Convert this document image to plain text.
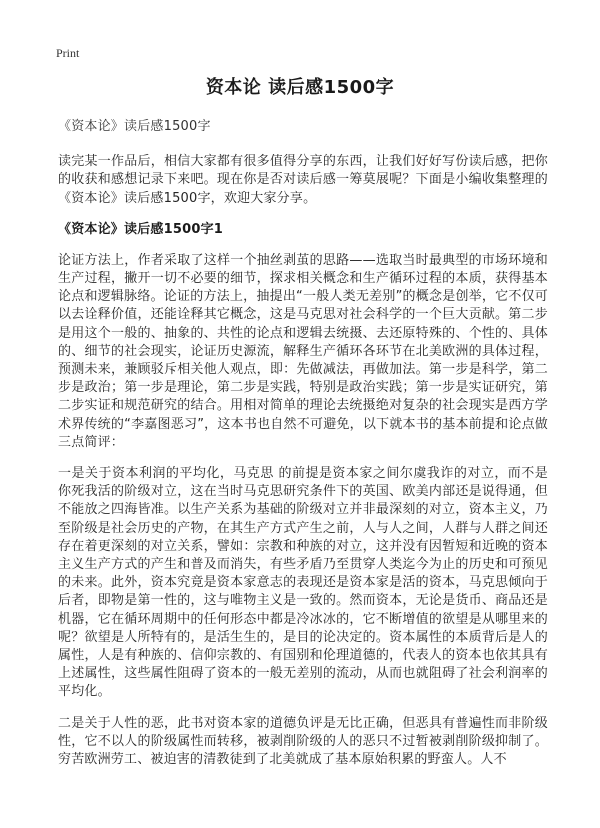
Print
资本论 读后感1500字

《资本论》读后感1500字

读完某一作品后，相信大家都有很多值得分享的东西，让我们好好写份读后感，把你的收获和感想记录下来吧。现在你是否对读后感一筹莫展呢？下面是小编收集整理的《资本论》读后感1500字，欢迎大家分享。

《资本论》读后感1500字1

论证方法上，作者采取了这样一个抽丝剥茧的思路——选取当时最典型的市场环境和生产过程，撇开一切不必要的细节，探求相关概念和生产循环过程的本质，获得基本论点和逻辑脉络。论证的方法上，抽提出“一般人类无差别”的概念是创举，它不仅可以去诠释价值，还能诠释其它概念，这是马克思对社会科学的一个巨大贡献。第二步是用这个一般的、抽象的、共性的论点和逻辑去统摄、去还原特殊的、个性的、具体的、细节的社会现实，论证历史源流，解释生产循环各环节在北美欧洲的具体过程，预测未来，兼顾驳斥相关他人观点，即：先做减法，再做加法。第一步是科学，第二步是政治；第一步是理论，第二步是实践，特别是政治实践；第一步是实证研究，第二步实证和规范研究的结合。用相对简单的理论去统摄绝对复杂的社会现实是西方学术界传统的“李嘉图恶习”，这本书也自然不可避免，以下就本书的基本前提和论点做三点简评：

一是关于资本利润的平均化，马克思 的前提是资本家之间尔虞我诈的对立，而不是你死我活的阶级对立，这在当时马克思研究条件下的英国、欧美内部还是说得通，但不能放之四海皆准。以生产关系为基础的阶级对立并非最深刻的对立，资本主义，乃至阶级是社会历史的产物，在其生产方式产生之前，人与人之间，人群与人群之间还存在着更深刻的对立关系，譬如：宗教和种族的对立，这并没有因暂短和近晚的资本主义生产方式的产生和普及而消失，有些矛盾乃至贯穿人类迄今为止的历史和可预见的未来。此外，资本究竟是资本家意志的表现还是资本家是活的资本，马克思倾向于后者，即物是第一性的，这与唯物主义是一致的。然而资本，无论是货币、商品还是机器，它在循环周期中的任何形态中都是冷冰冰的，它不断增值的欲望是从哪里来的呢？欲望是人所特有的，是活生生的，是目的论决定的。资本属性的本质背后是人的属性，人是有种族的、信仰宗教的、有国别和伦理道德的，代表人的资本也依其具有上述属性，这些属性阻碍了资本的一般无差别的流动，从而也就阻碍了社会利润率的平均化。

二是关于人性的恶，此书对资本家的道德负评是无比正确，但恶具有普遍性而非阶级性，它不以人的阶级属性而转移，被剥削阶级的人的恶只不过暂被剥削阶级抑制了。穷苦欧洲劳工、被迫害的清教徒到了北美就成了基本原始积累的野蛮人。人不
